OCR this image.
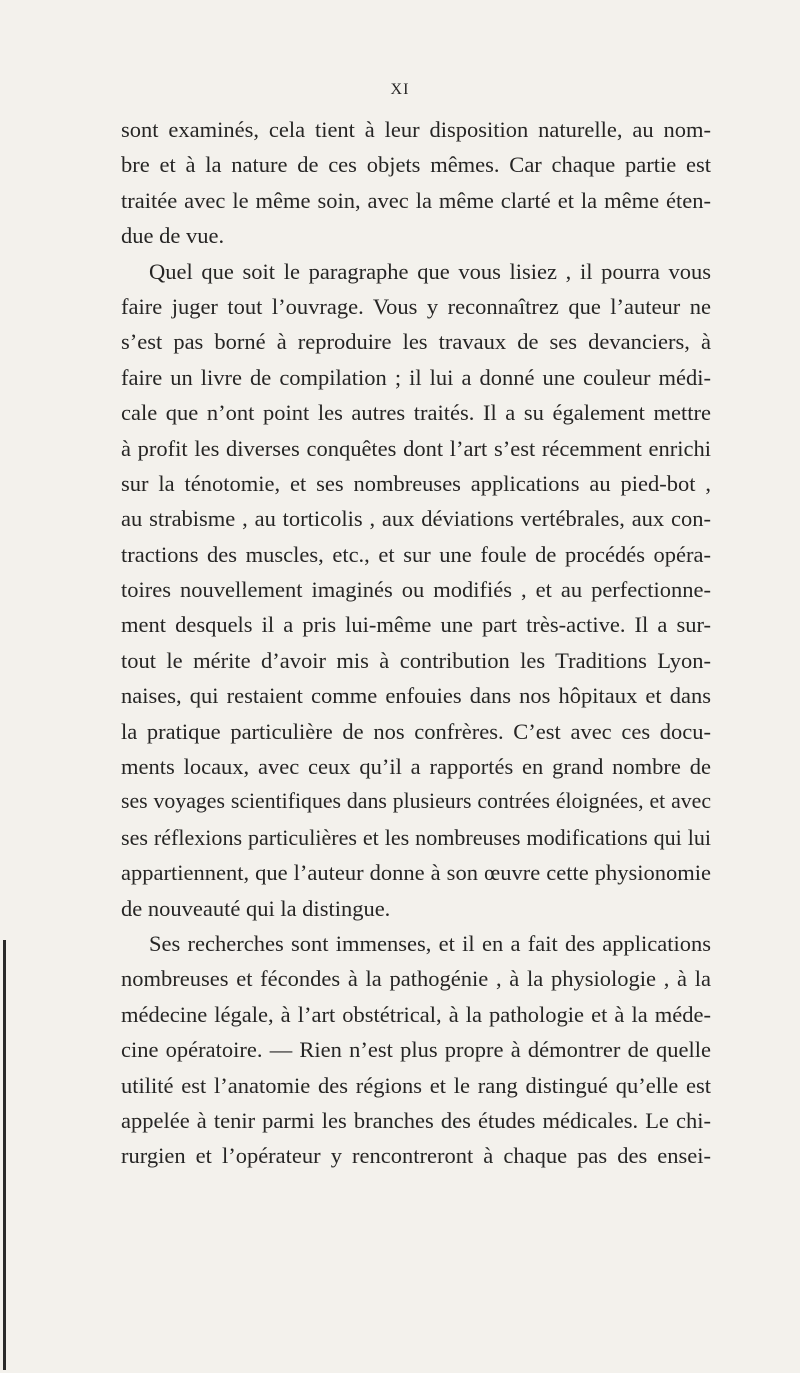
XI
sont examinés, cela tient à leur disposition naturelle, au nom-
bre et à la nature de ces objets mêmes. Car chaque partie est
traitée avec le même soin, avec la même clarté et la même éten-
due de vue.
Quel que soit le paragraphe que vous lisiez , il pourra vous
faire juger tout l’ouvrage. Vous y reconnaîtrez que l’auteur ne
s’est pas borné à reproduire les travaux de ses devanciers, à
faire un livre de compilation ; il lui a donné une couleur médi-
cale que n’ont point les autres traités. Il a su également mettre
à profit les diverses conquêtes dont l’art s’est récemment enrichi
sur la ténotomie, et ses nombreuses applications au pied-bot ,
au strabisme , au torticolis , aux déviations vertébrales, aux con-
tractions des muscles, etc., et sur une foule de procédés opéra-
toires nouvellement imaginés ou modifiés , et au perfectionne-
ment desquels il a pris lui-même une part très-active. Il a sur-
tout le mérite d’avoir mis à contribution les Traditions Lyon-
naises, qui restaient comme enfouies dans nos hôpitaux et dans
la pratique particulière de nos confrères. C’est avec ces docu-
ments locaux, avec ceux qu’il a rapportés en grand nombre de
ses voyages scientifiques dans plusieurs contrées éloignées, et avec
ses réflexions particulières et les nombreuses modifications qui lui
appartiennent, que l’auteur donne à son œuvre cette physionomie
de nouveauté qui la distingue.
Ses recherches sont immenses, et il en a fait des applications
nombreuses et fécondes à la pathogénie , à la physiologie , à la
médecine légale, à l’art obstétrical, à la pathologie et à la méde-
cine opératoire. — Rien n’est plus propre à démontrer de quelle
utilité est l’anatomie des régions et le rang distingué qu’elle est
appelée à tenir parmi les branches des études médicales. Le chi-
rurgien et l’opérateur y rencontreront à chaque pas des ensei-
